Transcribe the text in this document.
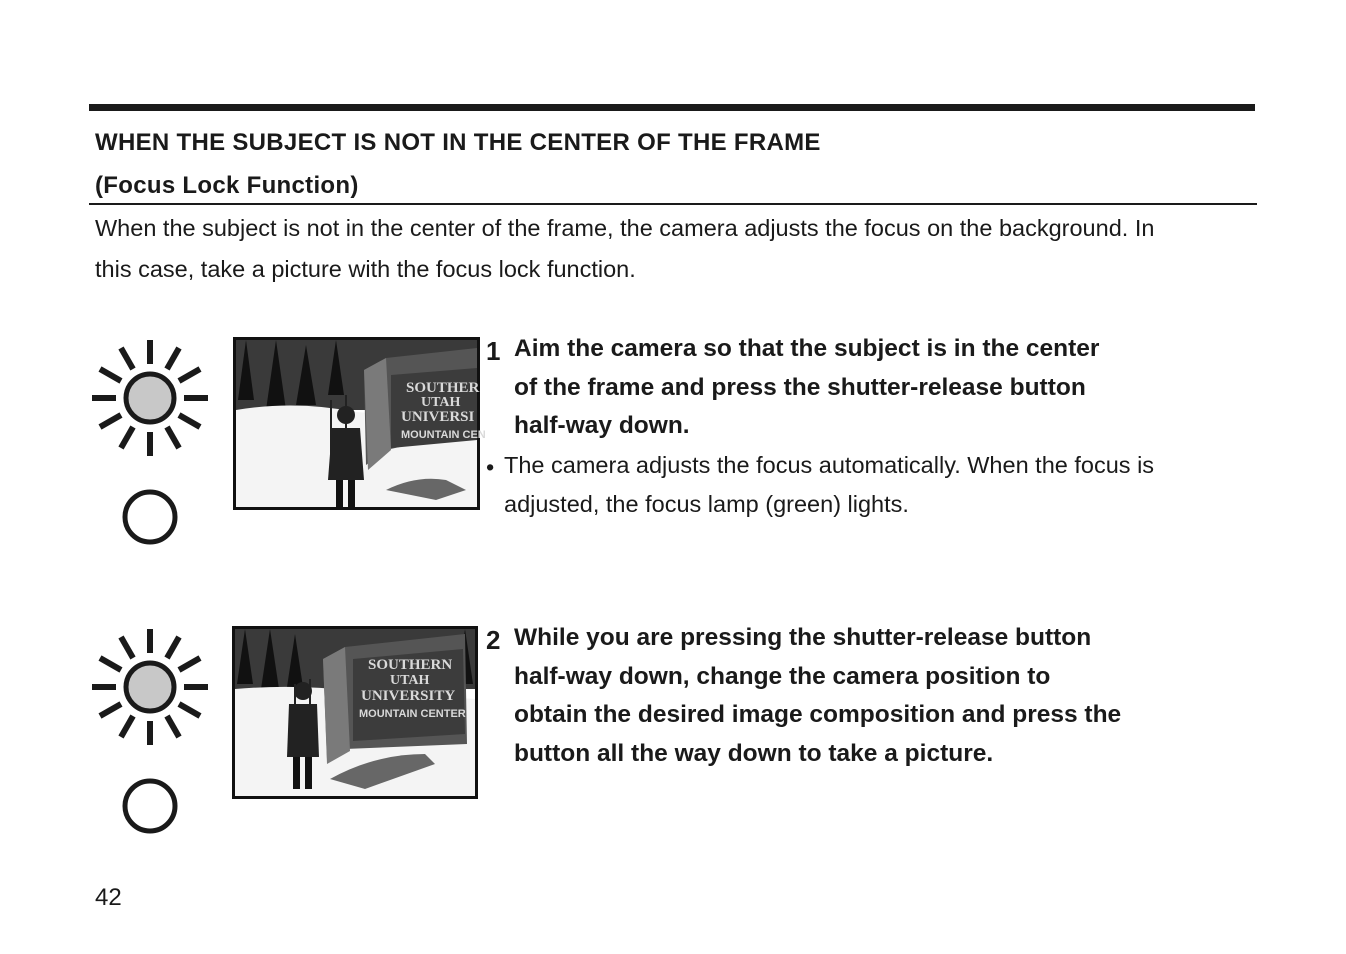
WHEN THE SUBJECT IS NOT IN THE CENTER OF THE FRAME
(Focus Lock Function)
When the subject is not in the center of the frame, the camera adjusts the focus on the background. In
this case, take a picture with the focus lock function.
SOUTHER
UTAH
UNIVERSI
MOUNTAIN CEN
1 Aim the camera so that the subject is in the center
of the frame and press the shutter-release button
half-way down.
• The camera adjusts the focus automatically. When the focus is
adjusted, the focus lamp (green) lights.
SOUTHERN
UTAH
UNIVERSITY
MOUNTAIN CENTER
2 While you are pressing the shutter-release button
half-way down, change the camera position to
obtain the desired image composition and press the
button all the way down to take a picture.
42
